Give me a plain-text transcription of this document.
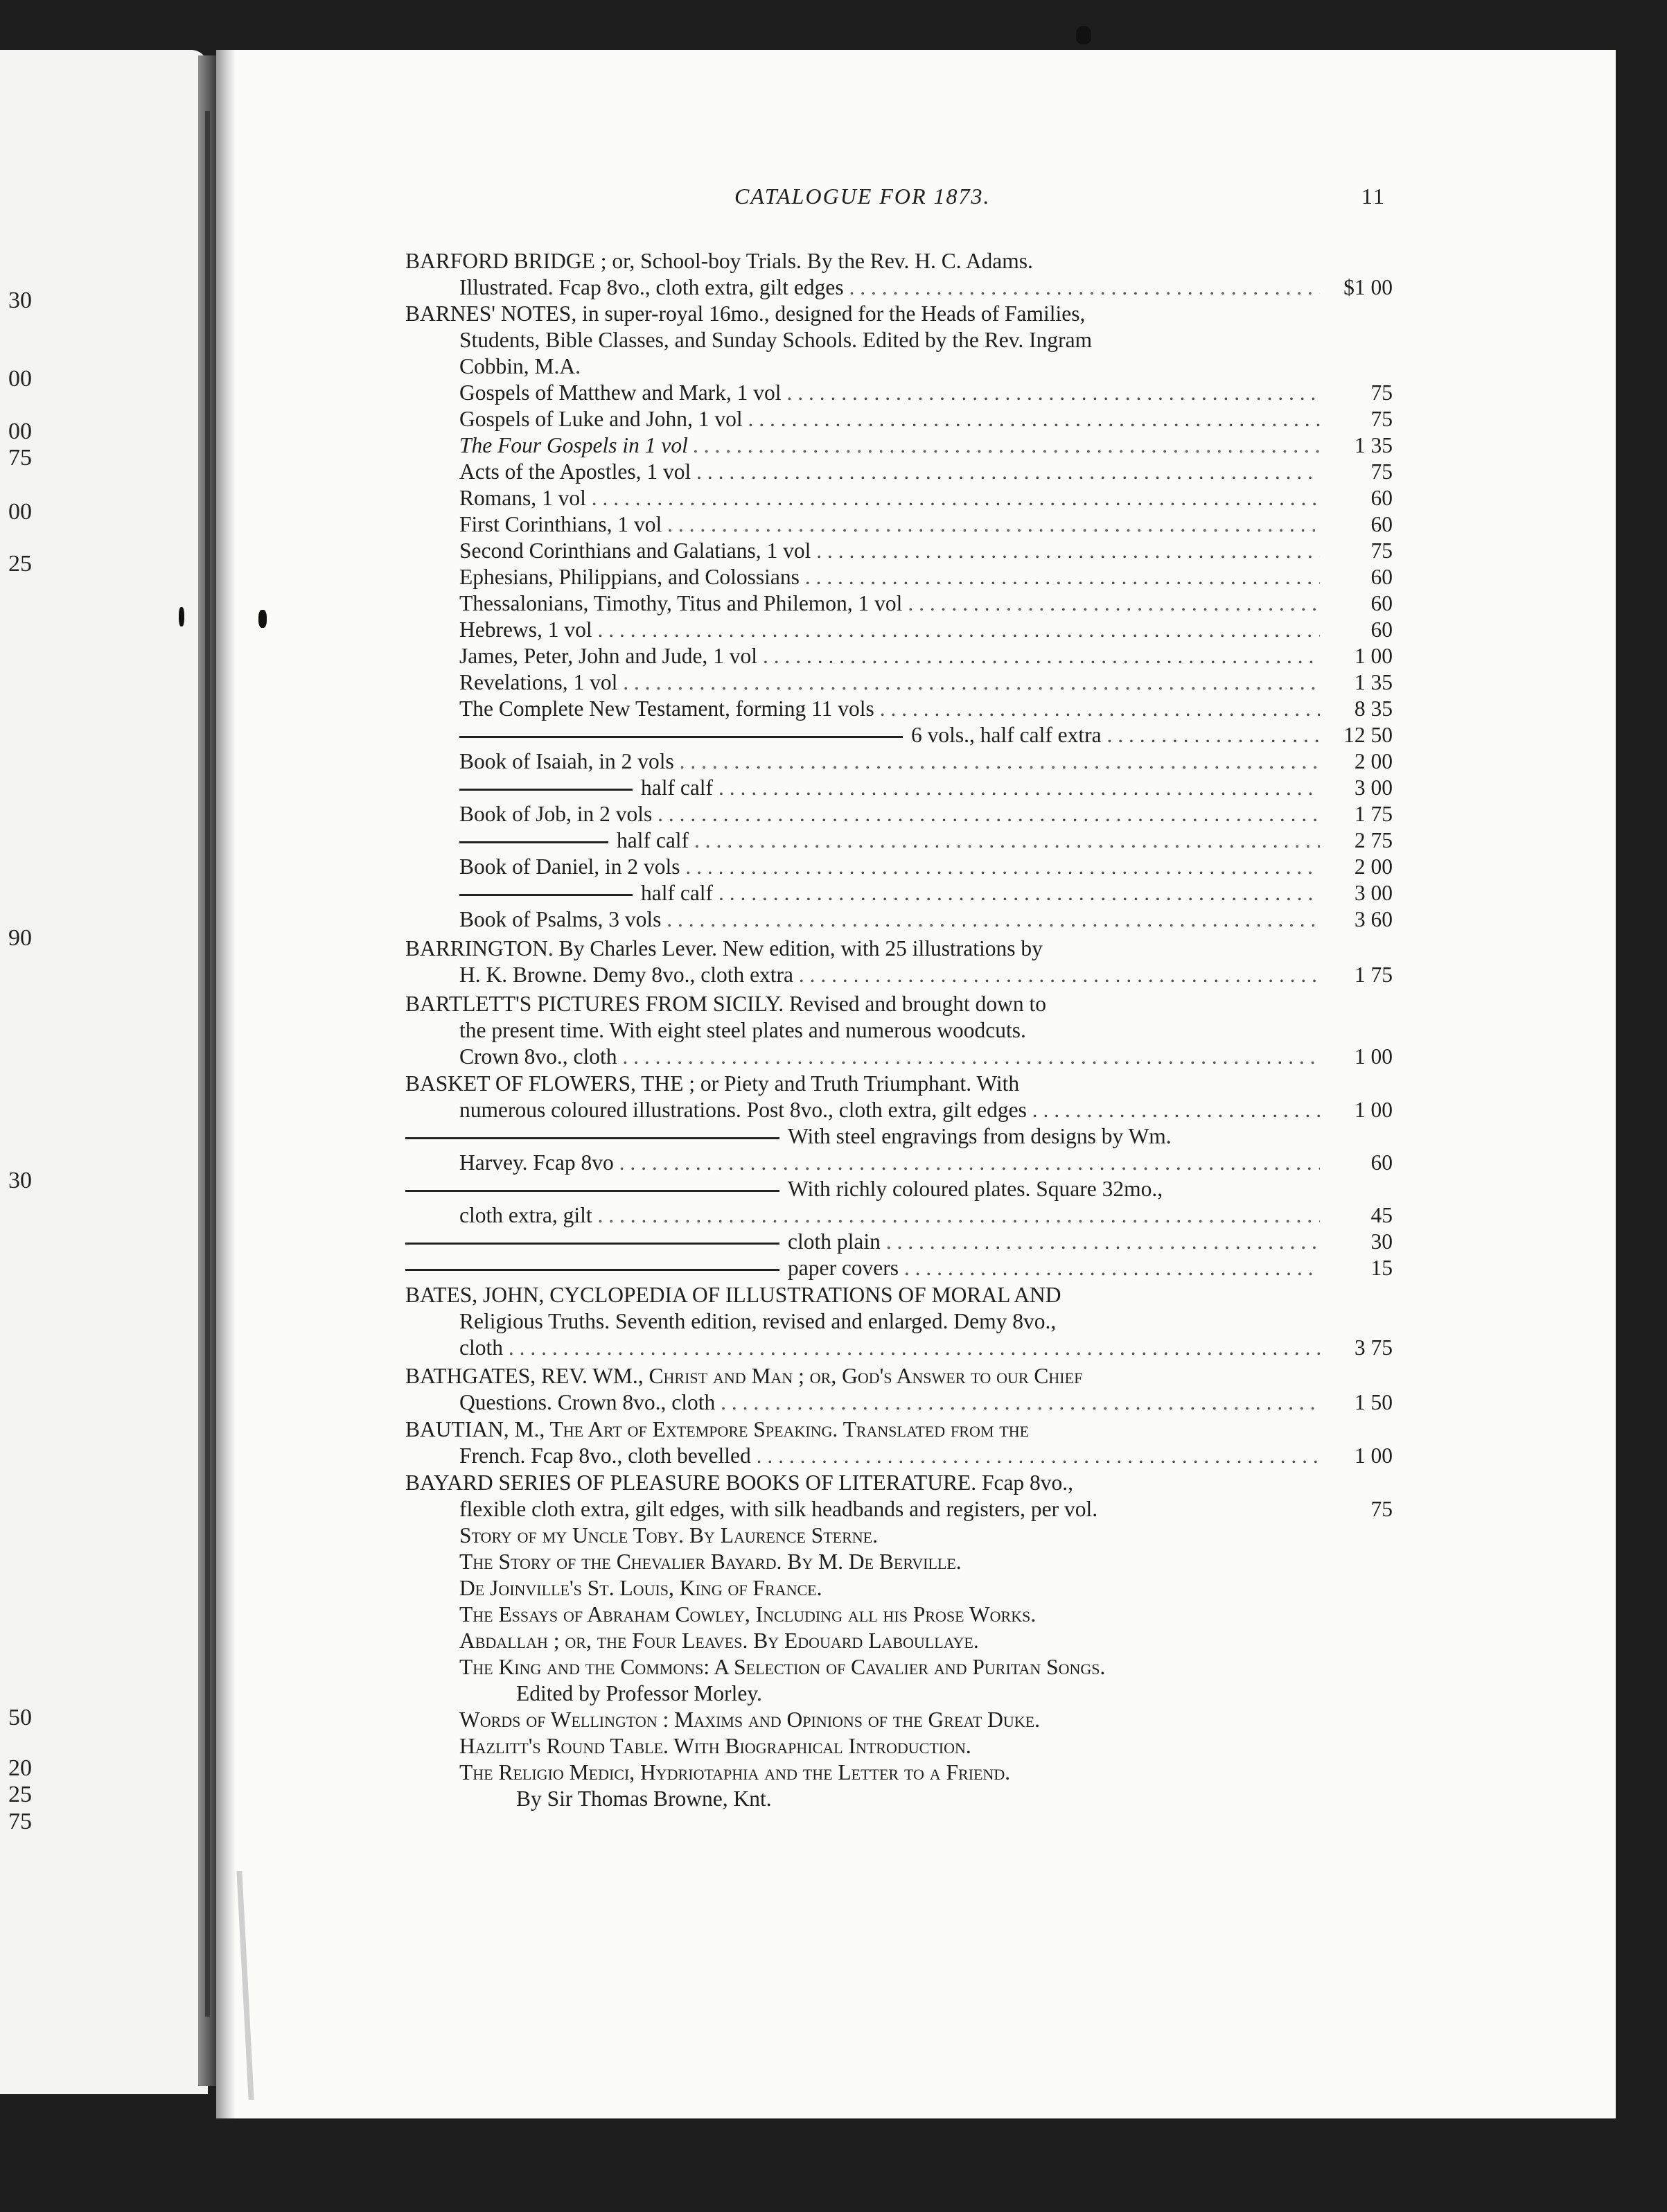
30
00
00
75
00
25
90
30
50
20
25
75
CATALOGUE FOR 1873.	11
BARFORD BRIDGE ; or, School-boy Trials. By the Rev. H. C. Adams.
Illustrated. Fcap 8vo., cloth extra, gilt edges . . .	$1 00
BARNES' NOTES, in super-royal 16mo., designed for the Heads of Families,
Students, Bible Classes, and Sunday Schools. Edited by the Rev. Ingram
Cobbin, M.A.
Gospels of Matthew and Mark, 1 vol . . .	75
Gospels of Luke and John, 1 vol . . .	75
The Four Gospels in 1 vol . . .	1 35
Acts of the Apostles, 1 vol . . .	75
Romans, 1 vol . . .	60
First Corinthians, 1 vol . . .	60
Second Corinthians and Galatians, 1 vol . . .	75
Ephesians, Philippians, and Colossians . . .	60
Thessalonians, Timothy, Titus and Philemon, 1 vol . . .	60
Hebrews, 1 vol . . .	60
James, Peter, John and Jude, 1 vol . . .	1 00
Revelations, 1 vol . . .	1 35
The Complete New Testament, forming 11 vols . . .	8 35
6 vols., half calf extra . . .	12 50
Book of Isaiah, in 2 vols . . .	2 00
half calf . . .	3 00
Book of Job, in 2 vols . . .	1 75
half calf . . .	2 75
Book of Daniel, in 2 vols . . .	2 00
half calf . . .	3 00
Book of Psalms, 3 vols . . .	3 60
BARRINGTON. By Charles Lever. New edition, with 25 illustrations by
H. K. Browne. Demy 8vo., cloth extra . . .	1 75
BARTLETT'S PICTURES FROM SICILY. Revised and brought down to
the present time. With eight steel plates and numerous woodcuts.
Crown 8vo., cloth . . .	1 00
BASKET OF FLOWERS, THE ; or Piety and Truth Triumphant. With
numerous coloured illustrations. Post 8vo., cloth extra, gilt edges . . .	1 00
With steel engravings from designs by Wm.
Harvey. Fcap 8vo . . .	60
With richly coloured plates. Square 32mo.,
cloth extra, gilt . . .	45
cloth plain . . .	30
paper covers . . .	15
BATES, JOHN, CYCLOPEDIA OF ILLUSTRATIONS OF MORAL AND
Religious Truths. Seventh edition, revised and enlarged. Demy 8vo.,
cloth . . .	3 75
BATHGATES, REV. WM., Christ and Man ; or, God's Answer to our Chief
Questions. Crown 8vo., cloth . . .	1 50
BAUTIAN, M., The Art of Extempore Speaking. Translated from the
French. Fcap 8vo., cloth bevelled . . .	1 00
BAYARD SERIES OF PLEASURE BOOKS OF LITERATURE. Fcap 8vo.,
flexible cloth extra, gilt edges, with silk headbands and registers, per vol.	75
Story of my Uncle Toby. By Laurence Sterne.
The Story of the Chevalier Bayard. By M. De Berville.
De Joinville's St. Louis, King of France.
The Essays of Abraham Cowley, Including all his Prose Works.
Abdallah ; or, the Four Leaves. By Edouard Laboullaye.
The King and the Commons: A Selection of Cavalier and Puritan Songs.
Edited by Professor Morley.
Words of Wellington : Maxims and Opinions of the Great Duke.
Hazlitt's Round Table. With Biographical Introduction.
The Religio Medici, Hydriotaphia and the Letter to a Friend.
By Sir Thomas Browne, Knt.
